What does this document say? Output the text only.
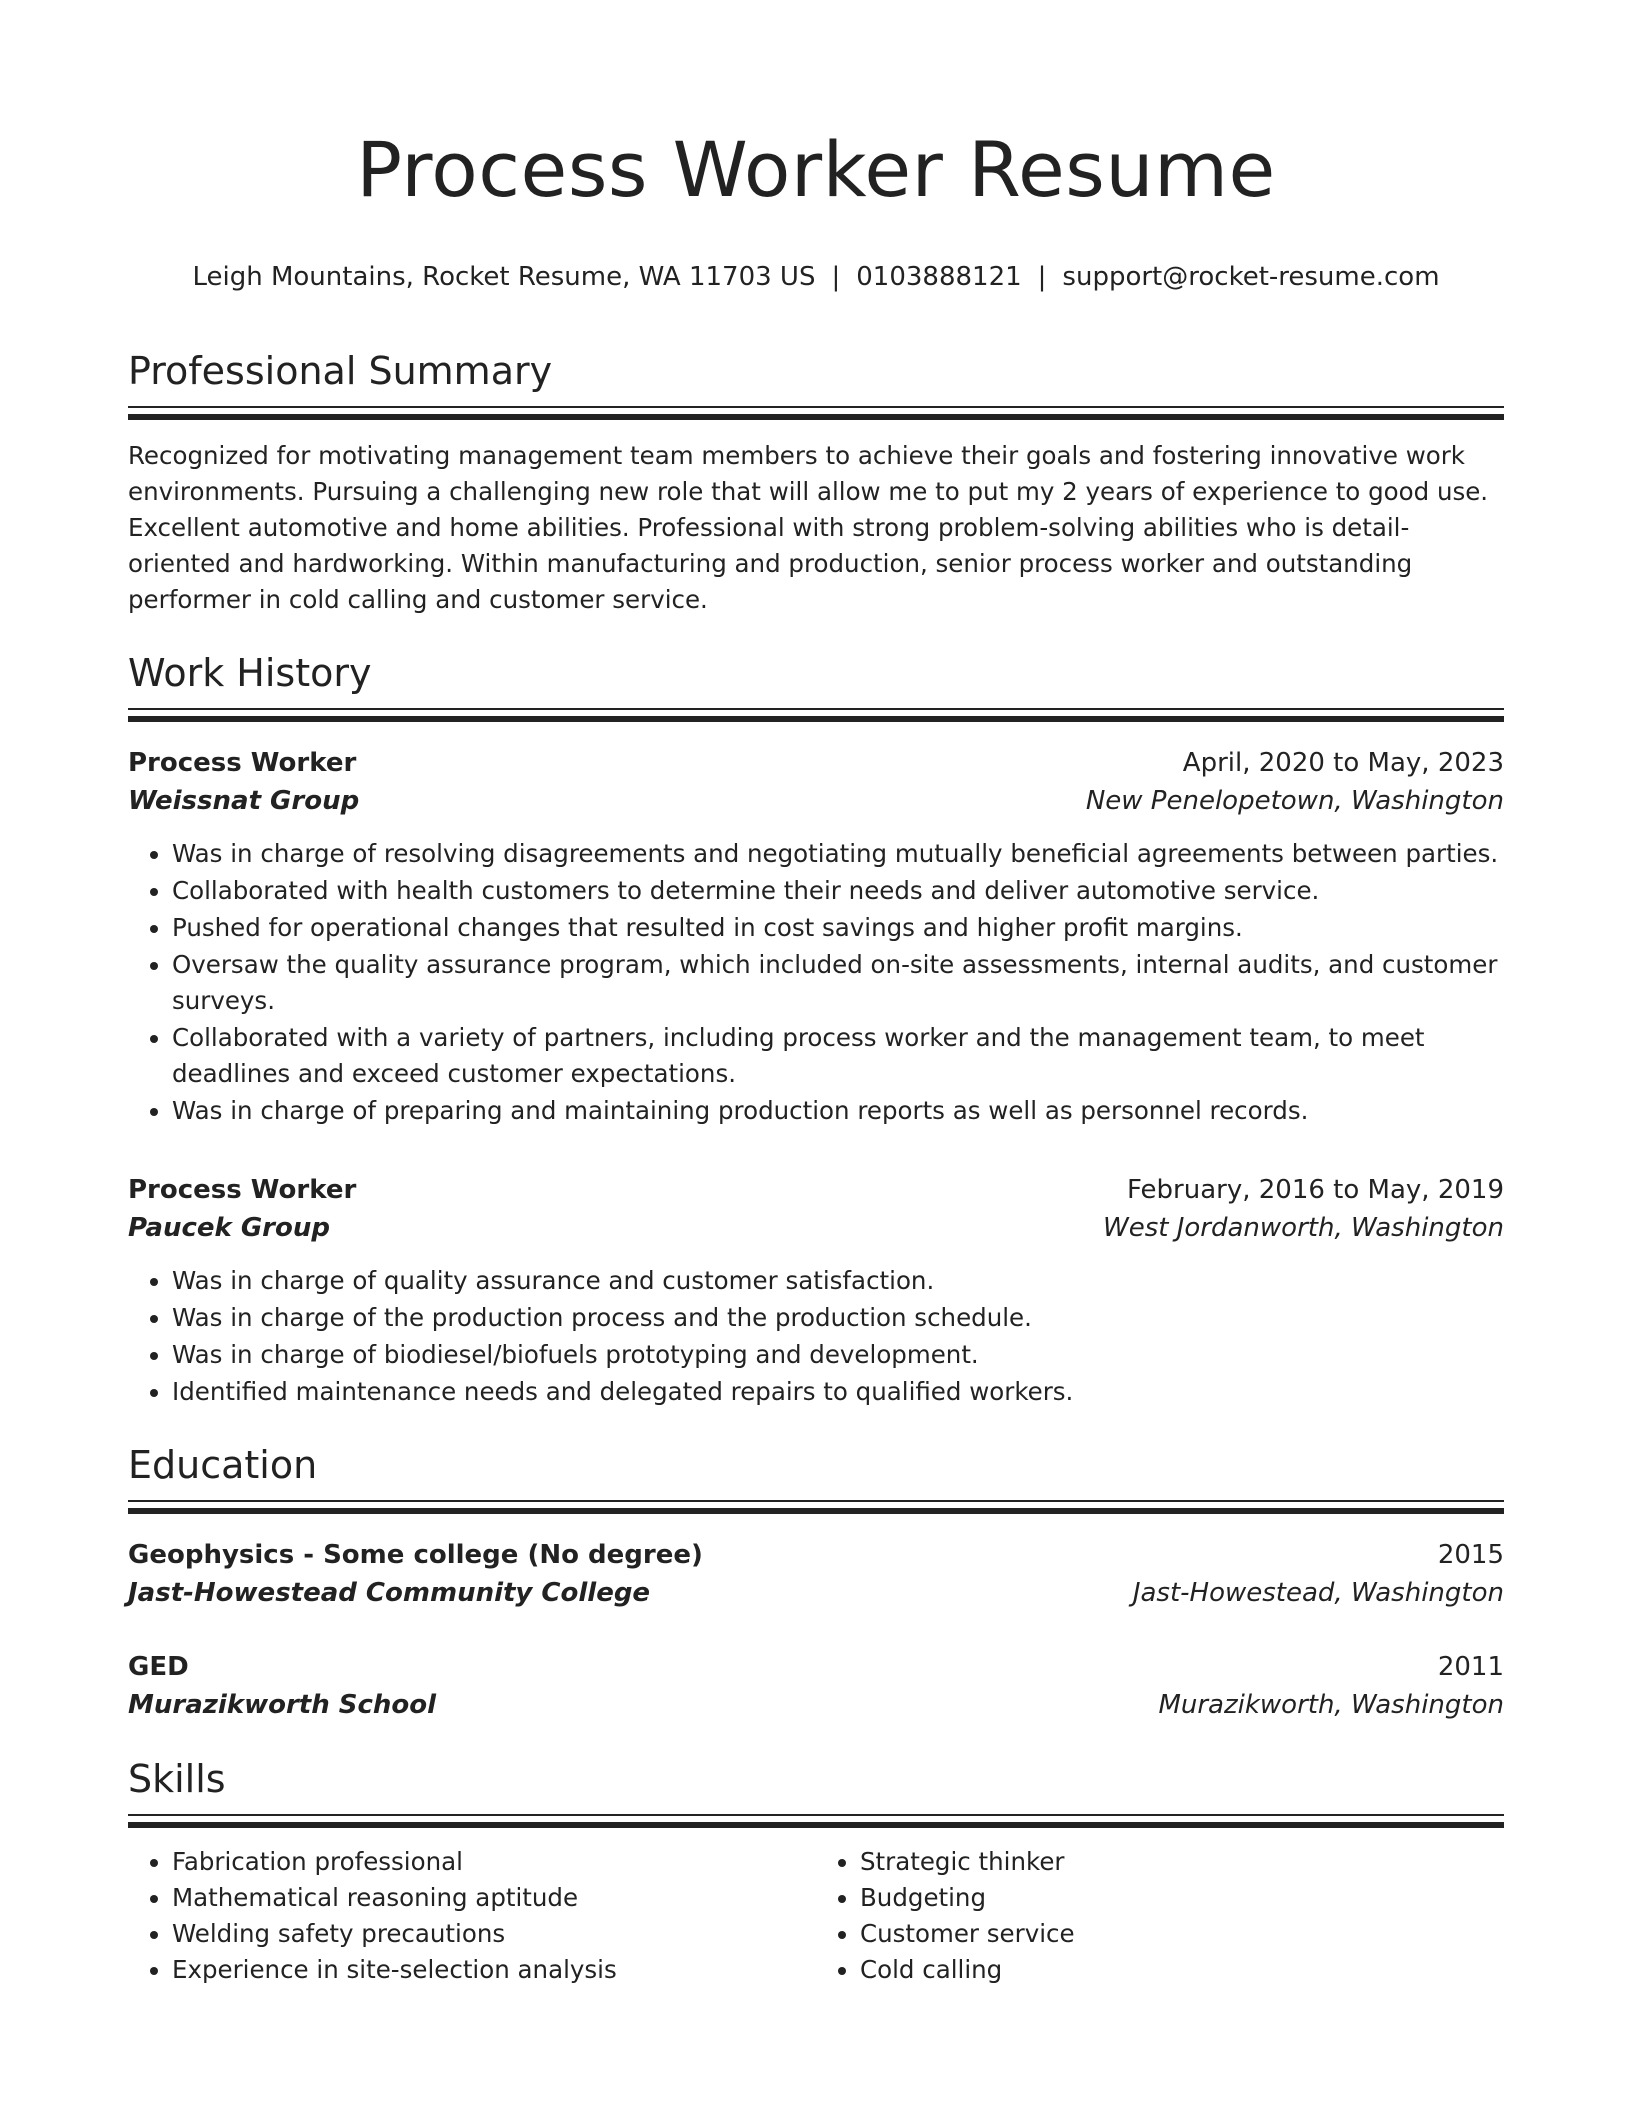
Process Worker Resume
Leigh Mountains, Rocket Resume, WA 11703 US | 0103888121 | support@rocket-resume.com
Professional Summary

Recognized for motivating management team members to achieve their goals and fostering innovative work environments. Pursuing a challenging new role that will allow me to put my 2 years of experience to good use. Excellent automotive and home abilities. Professional with strong problem-solving abilities who is detail-oriented and hardworking. Within manufacturing and production, senior process worker and outstanding performer in cold calling and customer service.

Work History
Process Worker	April, 2020 to May, 2023
Weissnat Group	New Penelopetown, Washington
• Was in charge of resolving disagreements and negotiating mutually beneficial agreements between parties.
• Collaborated with health customers to determine their needs and deliver automotive service.
• Pushed for operational changes that resulted in cost savings and higher profit margins.
• Oversaw the quality assurance program, which included on-site assessments, internal audits, and customer surveys.
• Collaborated with a variety of partners, including process worker and the management team, to meet deadlines and exceed customer expectations.
• Was in charge of preparing and maintaining production reports as well as personnel records.
Process Worker	February, 2016 to May, 2019
Paucek Group	West Jordanworth, Washington
• Was in charge of quality assurance and customer satisfaction.
• Was in charge of the production process and the production schedule.
• Was in charge of biodiesel/biofuels prototyping and development.
• Identified maintenance needs and delegated repairs to qualified workers.
Education
Geophysics - Some college (No degree)	2015
Jast-Howestead Community College	Jast-Howestead, Washington
GED	2011
Murazikworth School	Murazikworth, Washington
Skills
• Fabrication professional
• Mathematical reasoning aptitude
• Welding safety precautions
• Experience in site-selection analysis
• Strategic thinker
• Budgeting
• Customer service
• Cold calling
